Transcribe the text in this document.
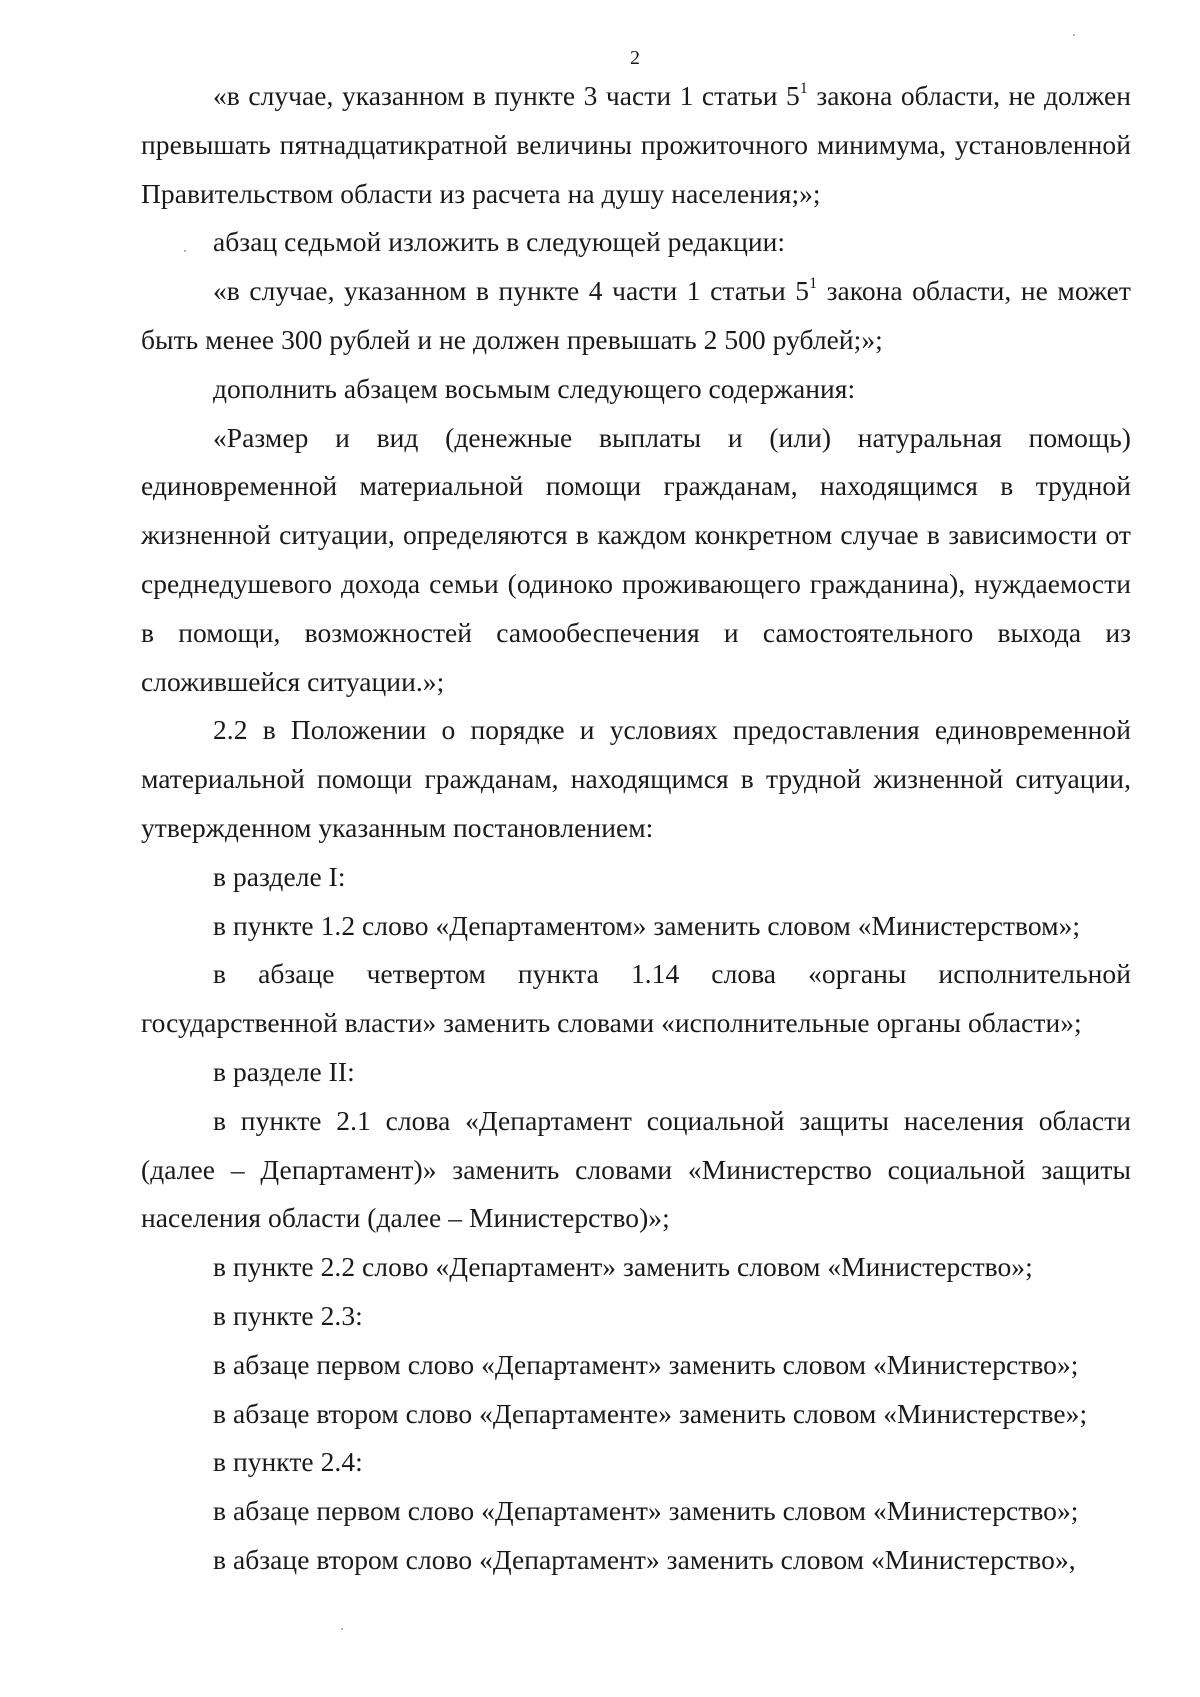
2

«в случае, указанном в пункте 3 части 1 статьи $5^1$ закона области, не должен превышать пятнадцатикратной величины прожиточного минимума, установленной Правительством области из расчета на душу населения;»;

абзац седьмой изложить в следующей редакции:

«в случае, указанном в пункте 4 части 1 статьи $5^1$ закона области, не может быть менее 300 рублей и не должен превышать 2 500 рублей;»;

дополнить абзацем восьмым следующего содержания:

«Размер и вид (денежные выплаты и (или) натуральная помощь) единовременной материальной помощи гражданам, находящимся в трудной жизненной ситуации, определяются в каждом конкретном случае в зависимости от среднедушевого дохода семьи (одиноко проживающего гражданина), нуждаемости в помощи, возможностей самообеспечения и самостоятельного выхода из сложившейся ситуации.»;

2.2 в Положении о порядке и условиях предоставления единовременной материальной помощи гражданам, находящимся в трудной жизненной ситуации, утвержденном указанным постановлением:

в разделе I:

в пункте 1.2 слово «Департаментом» заменить словом «Министерством»;

в абзаце четвертом пункта 1.14 слова «органы исполнительной государственной власти» заменить словами «исполнительные органы области»;

в разделе II:

в пункте 2.1 слова «Департамент социальной защиты населения области (далее – Департамент)» заменить словами «Министерство социальной защиты населения области (далее – Министерство)»;

в пункте 2.2 слово «Департамент» заменить словом «Министерство»;

в пункте 2.3:

в абзаце первом слово «Департамент» заменить словом «Министерство»;

в абзаце втором слово «Департаменте» заменить словом «Министерстве»;

в пункте 2.4:

в абзаце первом слово «Департамент» заменить словом «Министерство»;

в абзаце втором слово «Департамент» заменить словом «Министерство»,
